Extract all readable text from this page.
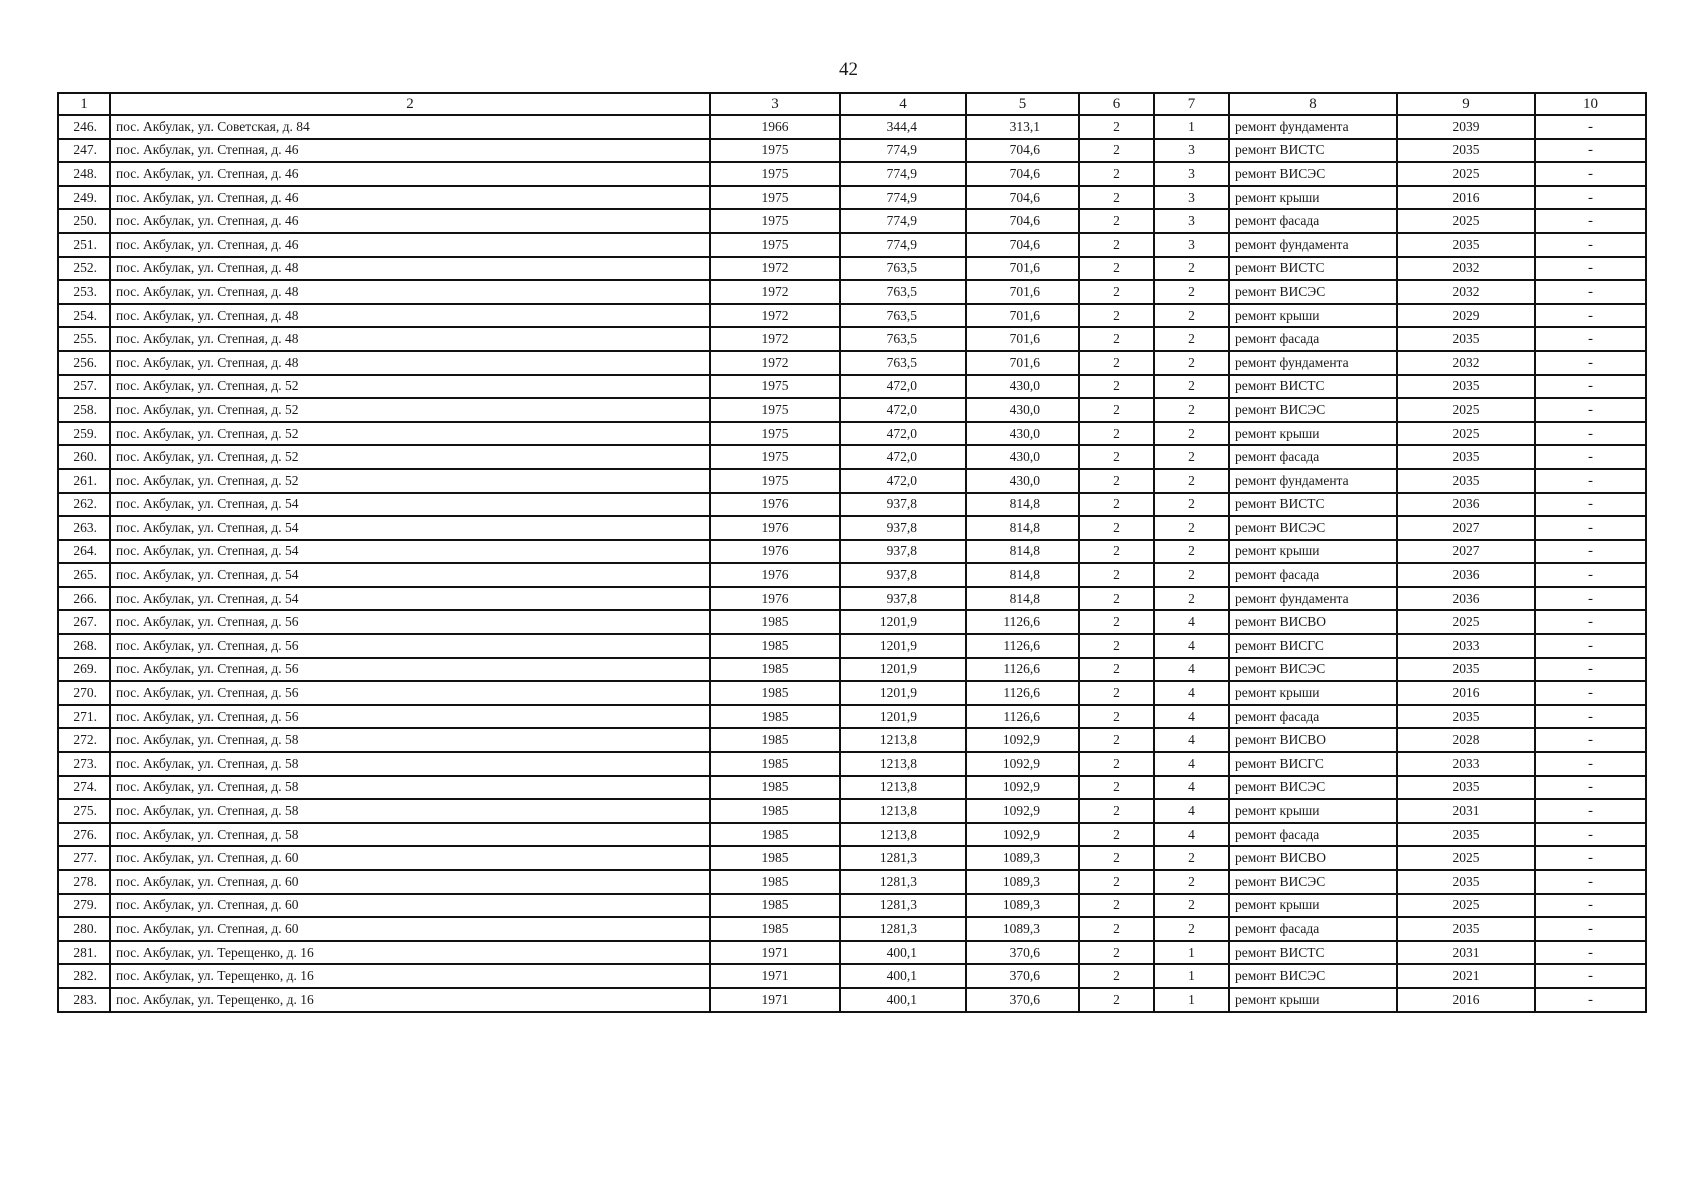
42
1	2	3	4	5	6	7	8	9	10
246.	пос. Акбулак, ул. Советская, д. 84	1966	344,4	313,1	2	1	ремонт фундамента	2039	-
247.	пос. Акбулак, ул. Степная, д. 46	1975	774,9	704,6	2	3	ремонт ВИСТС	2035	-
248.	пос. Акбулак, ул. Степная, д. 46	1975	774,9	704,6	2	3	ремонт ВИСЭС	2025	-
249.	пос. Акбулак, ул. Степная, д. 46	1975	774,9	704,6	2	3	ремонт крыши	2016	-
250.	пос. Акбулак, ул. Степная, д. 46	1975	774,9	704,6	2	3	ремонт фасада	2025	-
251.	пос. Акбулак, ул. Степная, д. 46	1975	774,9	704,6	2	3	ремонт фундамента	2035	-
252.	пос. Акбулак, ул. Степная, д. 48	1972	763,5	701,6	2	2	ремонт ВИСТС	2032	-
253.	пос. Акбулак, ул. Степная, д. 48	1972	763,5	701,6	2	2	ремонт ВИСЭС	2032	-
254.	пос. Акбулак, ул. Степная, д. 48	1972	763,5	701,6	2	2	ремонт крыши	2029	-
255.	пос. Акбулак, ул. Степная, д. 48	1972	763,5	701,6	2	2	ремонт фасада	2035	-
256.	пос. Акбулак, ул. Степная, д. 48	1972	763,5	701,6	2	2	ремонт фундамента	2032	-
257.	пос. Акбулак, ул. Степная, д. 52	1975	472,0	430,0	2	2	ремонт ВИСТС	2035	-
258.	пос. Акбулак, ул. Степная, д. 52	1975	472,0	430,0	2	2	ремонт ВИСЭС	2025	-
259.	пос. Акбулак, ул. Степная, д. 52	1975	472,0	430,0	2	2	ремонт крыши	2025	-
260.	пос. Акбулак, ул. Степная, д. 52	1975	472,0	430,0	2	2	ремонт фасада	2035	-
261.	пос. Акбулак, ул. Степная, д. 52	1975	472,0	430,0	2	2	ремонт фундамента	2035	-
262.	пос. Акбулак, ул. Степная, д. 54	1976	937,8	814,8	2	2	ремонт ВИСТС	2036	-
263.	пос. Акбулак, ул. Степная, д. 54	1976	937,8	814,8	2	2	ремонт ВИСЭС	2027	-
264.	пос. Акбулак, ул. Степная, д. 54	1976	937,8	814,8	2	2	ремонт крыши	2027	-
265.	пос. Акбулак, ул. Степная, д. 54	1976	937,8	814,8	2	2	ремонт фасада	2036	-
266.	пос. Акбулак, ул. Степная, д. 54	1976	937,8	814,8	2	2	ремонт фундамента	2036	-
267.	пос. Акбулак, ул. Степная, д. 56	1985	1201,9	1126,6	2	4	ремонт ВИСВО	2025	-
268.	пос. Акбулак, ул. Степная, д. 56	1985	1201,9	1126,6	2	4	ремонт ВИСГС	2033	-
269.	пос. Акбулак, ул. Степная, д. 56	1985	1201,9	1126,6	2	4	ремонт ВИСЭС	2035	-
270.	пос. Акбулак, ул. Степная, д. 56	1985	1201,9	1126,6	2	4	ремонт крыши	2016	-
271.	пос. Акбулак, ул. Степная, д. 56	1985	1201,9	1126,6	2	4	ремонт фасада	2035	-
272.	пос. Акбулак, ул. Степная, д. 58	1985	1213,8	1092,9	2	4	ремонт ВИСВО	2028	-
273.	пос. Акбулак, ул. Степная, д. 58	1985	1213,8	1092,9	2	4	ремонт ВИСГС	2033	-
274.	пос. Акбулак, ул. Степная, д. 58	1985	1213,8	1092,9	2	4	ремонт ВИСЭС	2035	-
275.	пос. Акбулак, ул. Степная, д. 58	1985	1213,8	1092,9	2	4	ремонт крыши	2031	-
276.	пос. Акбулак, ул. Степная, д. 58	1985	1213,8	1092,9	2	4	ремонт фасада	2035	-
277.	пос. Акбулак, ул. Степная, д. 60	1985	1281,3	1089,3	2	2	ремонт ВИСВО	2025	-
278.	пос. Акбулак, ул. Степная, д. 60	1985	1281,3	1089,3	2	2	ремонт ВИСЭС	2035	-
279.	пос. Акбулак, ул. Степная, д. 60	1985	1281,3	1089,3	2	2	ремонт крыши	2025	-
280.	пос. Акбулак, ул. Степная, д. 60	1985	1281,3	1089,3	2	2	ремонт фасада	2035	-
281.	пос. Акбулак, ул. Терещенко, д. 16	1971	400,1	370,6	2	1	ремонт ВИСТС	2031	-
282.	пос. Акбулак, ул. Терещенко, д. 16	1971	400,1	370,6	2	1	ремонт ВИСЭС	2021	-
283.	пос. Акбулак, ул. Терещенко, д. 16	1971	400,1	370,6	2	1	ремонт крыши	2016	-
